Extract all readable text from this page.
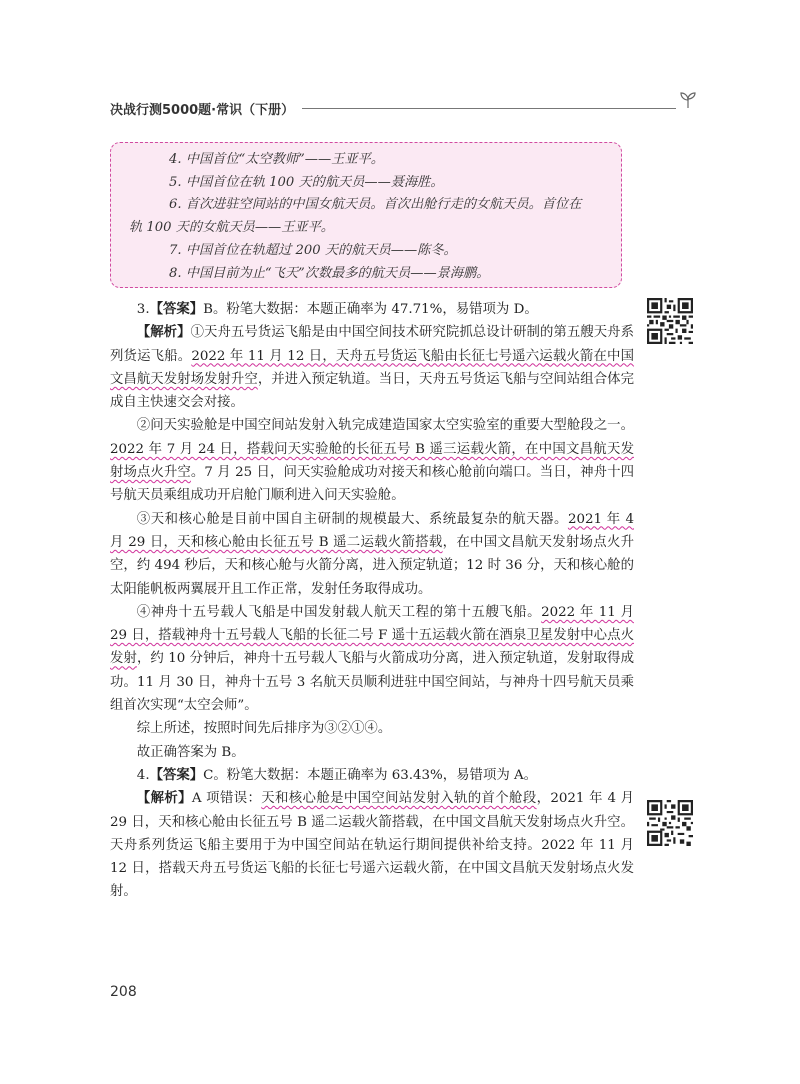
决战行测5000题·常识（下册）

4. 中国首位“太空教师”——王亚平。

5. 中国首位在轨 100 天的航天员——聂海胜。

6. 首次进驻空间站的中国女航天员。首次出舱行走的女航天员。首位在

轨 100 天的女航天员——王亚平。

7. 中国首位在轨超过 200 天的航天员——陈冬。

8. 中国目前为止“飞天”次数最多的航天员——景海鹏。

3.【答案】B。粉笔大数据：本题正确率为 47.71%，易错项为 D。

【解析】①天舟五号货运飞船是由中国空间技术研究院抓总设计研制的第五艘天舟系列货运飞船。2022 年 11 月 12 日，天舟五号货运飞船由长征七号遥六运载火箭在中国文昌航天发射场发射升空，并进入预定轨道。当日，天舟五号货运飞船与空间站组合体完成自主快速交会对接。

②问天实验舱是中国空间站发射入轨完成建造国家太空实验室的重要大型舱段之一。2022 年 7 月 24 日，搭载问天实验舱的长征五号 B 遥三运载火箭，在中国文昌航天发射场点火升空。7 月 25 日，问天实验舱成功对接天和核心舱前向端口。当日，神舟十四号航天员乘组成功开启舱门顺利进入问天实验舱。

③天和核心舱是目前中国自主研制的规模最大、系统最复杂的航天器。2021 年 4 月 29 日，天和核心舱由长征五号 B 遥二运载火箭搭载，在中国文昌航天发射场点火升空，约 494 秒后，天和核心舱与火箭分离，进入预定轨道；12 时 36 分，天和核心舱的太阳能帆板两翼展开且工作正常，发射任务取得成功。

④神舟十五号载人飞船是中国发射载人航天工程的第十五艘飞船。2022 年 11 月 29 日，搭载神舟十五号载人飞船的长征二号 F 遥十五运载火箭在酒泉卫星发射中心点火发射，约 10 分钟后，神舟十五号载人飞船与火箭成功分离，进入预定轨道，发射取得成功。11 月 30 日，神舟十五号 3 名航天员顺利进驻中国空间站，与神舟十四号航天员乘组首次实现“太空会师”。

综上所述，按照时间先后排序为③②①④。

故正确答案为 B。

4.【答案】C。粉笔大数据：本题正确率为 63.43%，易错项为 A。

【解析】A 项错误：天和核心舱是中国空间站发射入轨的首个舱段，2021 年 4 月 29 日，天和核心舱由长征五号 B 遥二运载火箭搭载，在中国文昌航天发射场点火升空。天舟系列货运飞船主要用于为中国空间站在轨运行期间提供补给支持。2022 年 11 月 12 日，搭载天舟五号货运飞船的长征七号遥六运载火箭，在中国文昌航天发射场点火发射。

208
